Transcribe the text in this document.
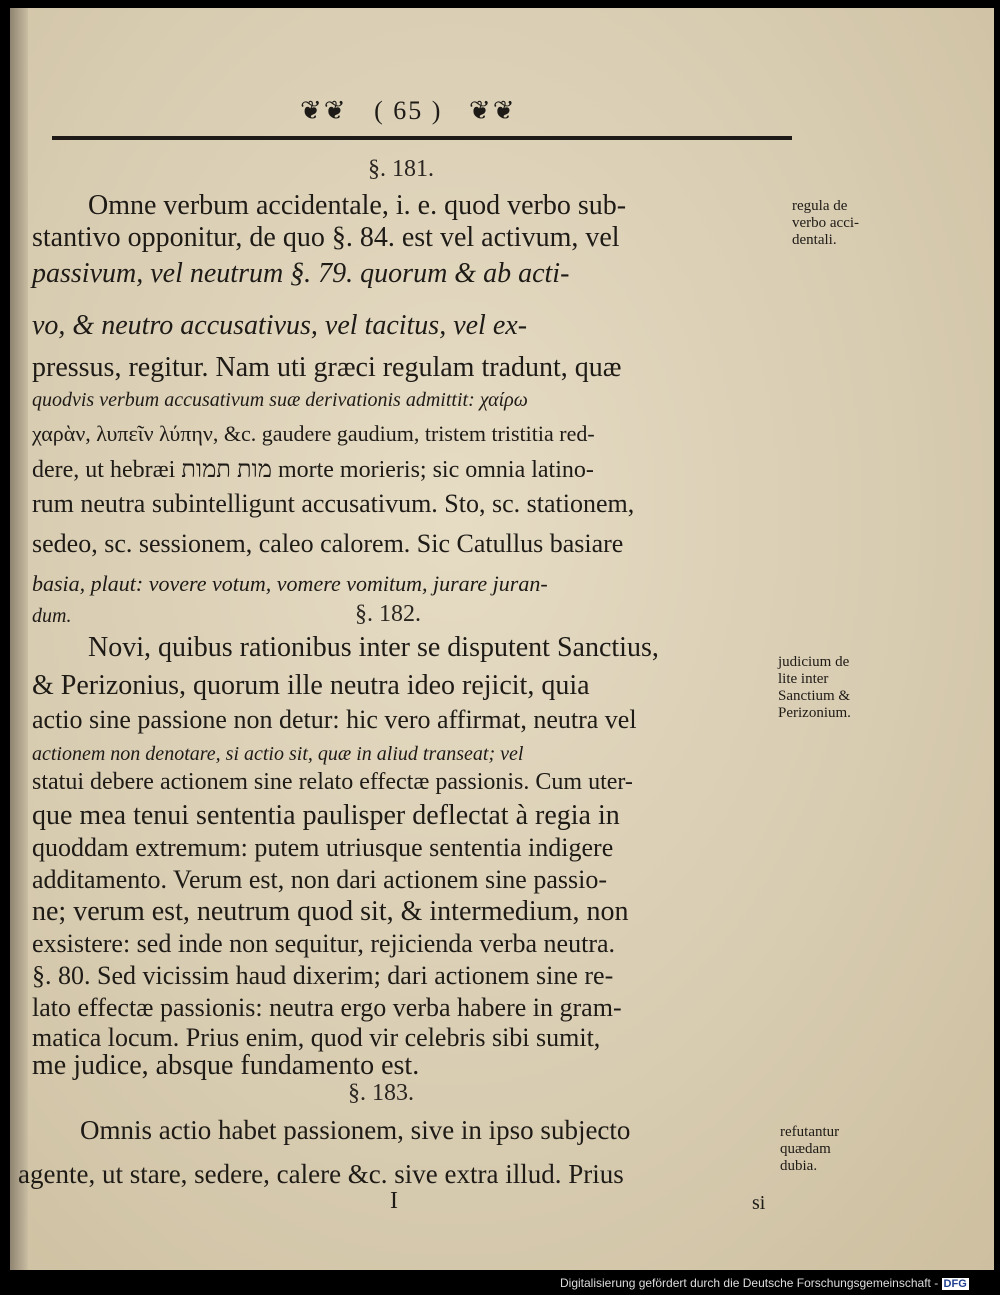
❦❦ ( 65 ) ❦❦
§. 181.
Omne verbum accidentale, i. e. quod verbo sub-
stantivo opponitur, de quo §. 84. est vel activum, vel
passivum, vel neutrum §. 79. quorum & ab acti-
vo, & neutro accusativus, vel tacitus, vel ex-
pressus, regitur. Nam uti græci regulam tradunt, quæ
quodvis verbum accusativum suæ derivationis admittit: χαίρω
χαρὰν, λυπεῖν λύπην, &c. gaudere gaudium, tristem tristitia red-
dere, ut hebræi מות תמות morte morieris; sic omnia latino-
rum neutra subintelligunt accusativum. Sto, sc. stationem,
sedeo, sc. sessionem, caleo calorem. Sic Catullus basiare
basia, plaut: vovere votum, vomere vomitum, jurare juran-
dum.	§. 182.
Novi, quibus rationibus inter se disputent Sanctius,
& Perizonius, quorum ille neutra ideo rejicit, quia
actio sine passione non detur: hic vero affirmat, neutra vel
actionem non denotare, si actio sit, quæ in aliud transeat; vel
statui debere actionem sine relato effectæ passionis. Cum uter-
que mea tenui sententia paulisper deflectat à regia in
quoddam extremum: putem utriusque sententia indigere
additamento. Verum est, non dari actionem sine passio-
ne; verum est, neutrum quod sit, & intermedium, non
exsistere: sed inde non sequitur, rejicienda verba neutra.
§. 80. Sed vicissim haud dixerim; dari actionem sine re-
lato effectæ passionis: neutra ergo verba habere in gram-
matica locum. Prius enim, quod vir celebris sibi sumit,
me judice, absque fundamento est.
§. 183.
Omnis actio habet passionem, sive in ipso subjecto
agente, ut stare, sedere, calere &c. sive extra illud. Prius
regula de
verbo acci-
dentali.
judicium de
lite inter
Sanctium &
Perizonium.
refutantur
quædam
dubia.
I	si
Digitalisierung gefördert durch die Deutsche Forschungsgemeinschaft - DFG
